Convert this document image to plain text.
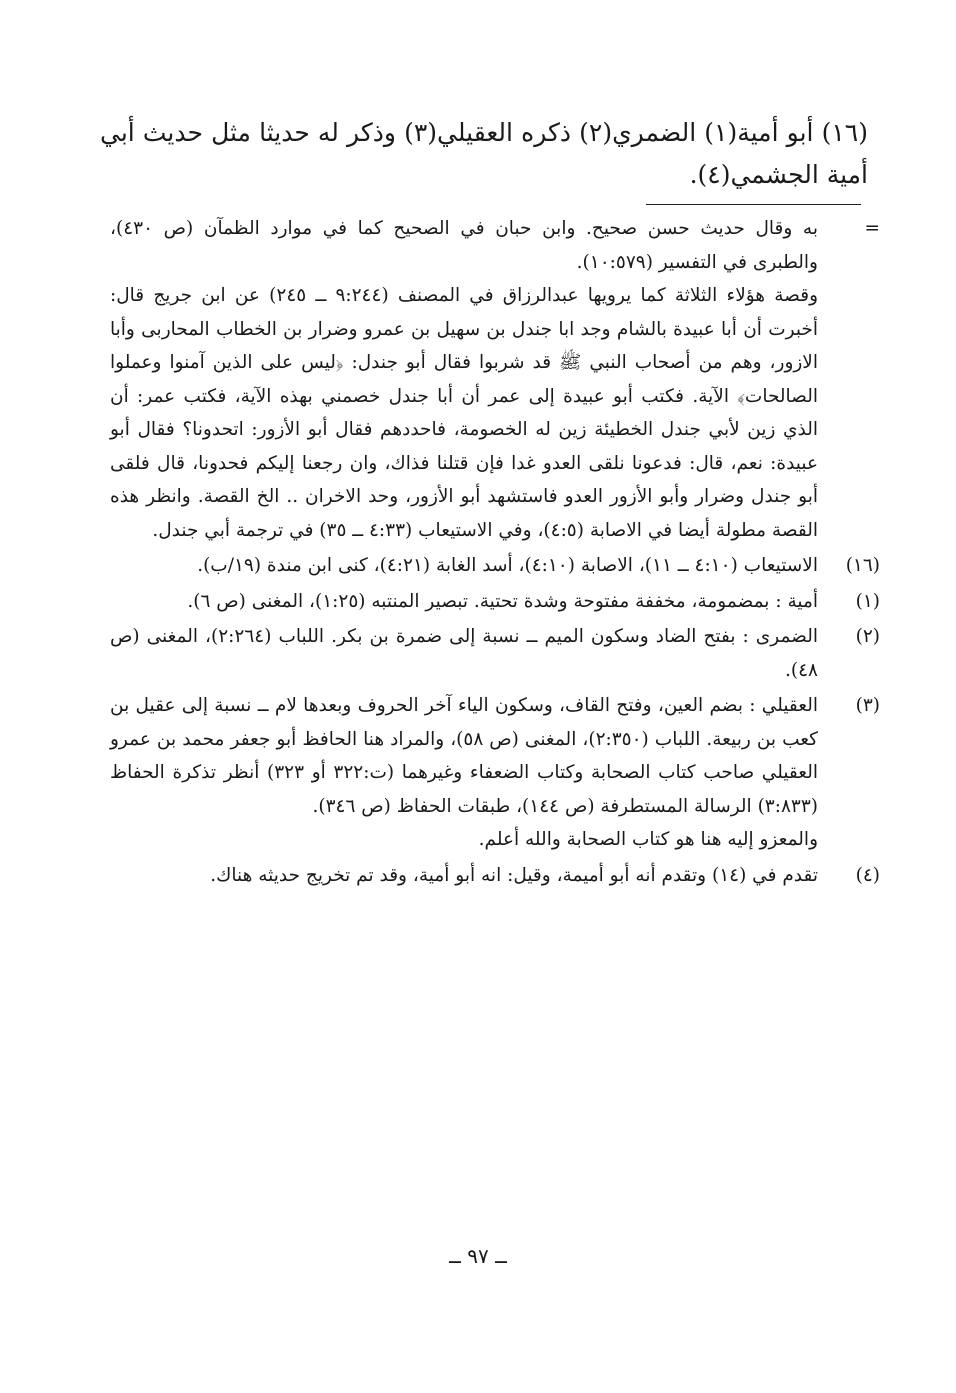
(١٦) أبو أمية(١) الضمري(٢) ذكره العقيلي(٣) وذكر له حديثا مثل حديث أبي أمية الجشمي(٤).
=

به وقال حديث حسن صحيح. وابن حبان في الصحيح كما في موارد الظمآن (ص ٤٣٠)، والطبرى في التفسير (١٠:٥٧٩).

وقصة هؤلاء الثلاثة كما يرويها عبدالرزاق في المصنف (٩:٢٤٤ ــ ٢٤٥) عن ابن جريج قال: أخبرت أن أبا عبيدة بالشام وجد ابا جندل بن سهيل بن عمرو وضرار بن الخطاب المحاربى وأبا الازور، وهم من أصحاب النبي ﷺ قد شربوا فقال أبو جندل: ﴿ليس على الذين آمنوا وعملوا الصالحات﴾ الآية. فكتب أبو عبيدة إلى عمر أن أبا جندل خصمني بهذه الآية، فكتب عمر: أن الذي زين لأبي جندل الخطيئة زين له الخصومة، فاحددهم فقال أبو الأزور: اتحدونا؟ فقال أبو عبيدة: نعم، قال: فدعونا نلقى العدو غدا فإن قتلنا فذاك، وان رجعنا إليكم فحدونا، قال فلقى أبو جندل وضرار وأبو الأزور العدو فاستشهد أبو الأزور، وحد الاخران .. الخ القصة. وانظر هذه القصة مطولة أيضا في الاصابة (٤:٥)، وفي الاستيعاب (٤:٣٣ ــ ٣٥) في ترجمة أبي جندل.

(١٦)

الاستيعاب (٤:١٠ ــ ١١)، الاصابة (٤:١٠)، أسد الغابة (٤:٢١)، كنى ابن مندة (١٩/ب).

(١)

أمية : بمضمومة، مخففة مفتوحة وشدة تحتية. تبصير المنتبه (١:٢٥)، المغنى (ص ٦).

(٢)

الضمرى : بفتح الضاد وسكون الميم ــ نسبة إلى ضمرة بن بكر. اللباب (٢:٢٦٤)، المغنى (ص ٤٨).

(٣)

العقيلي : بضم العين، وفتح القاف، وسكون الياء آخر الحروف وبعدها لام ــ نسبة إلى عقيل بن كعب بن ربيعة. اللباب (٢:٣٥٠)، المغنى (ص ٥٨)، والمراد هنا الحافظ أبو جعفر محمد بن عمرو العقيلي صاحب كتاب الصحابة وكتاب الضعفاء وغيرهما (ت:٣٢٢ أو ٣٢٣) أنظر تذكرة الحفاظ (٣:٨٣٣) الرسالة المستطرفة (ص ١٤٤)، طبقات الحفاظ (ص ٣٤٦).

والمعزو إليه هنا هو كتاب الصحابة والله أعلم.

(٤)

تقدم في (١٤) وتقدم أنه أبو أميمة، وقيل: انه أبو أمية، وقد تم تخريج حديثه هناك.

ــ ٩٧ ــ
